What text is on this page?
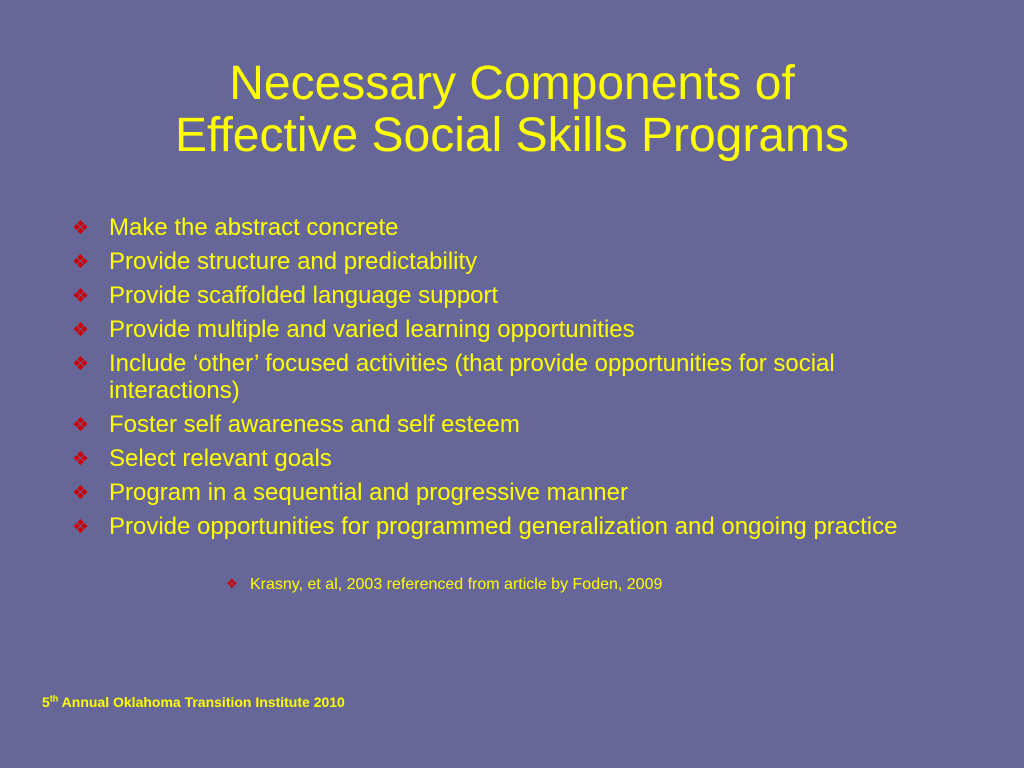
Necessary Components of
Effective Social Skills Programs
❖ Make the abstract concrete
❖ Provide structure and predictability
❖ Provide scaffolded language support
❖ Provide multiple and varied learning opportunities
❖ Include ‘other’ focused activities (that provide opportunities for social interactions)
❖ Foster self awareness and self esteem
❖ Select relevant goals
❖ Program in a sequential and progressive manner
❖ Provide opportunities for programmed generalization and ongoing practice
❖ Krasny, et al, 2003 referenced from article by Foden, 2009
5th Annual Oklahoma Transition Institute 2010
